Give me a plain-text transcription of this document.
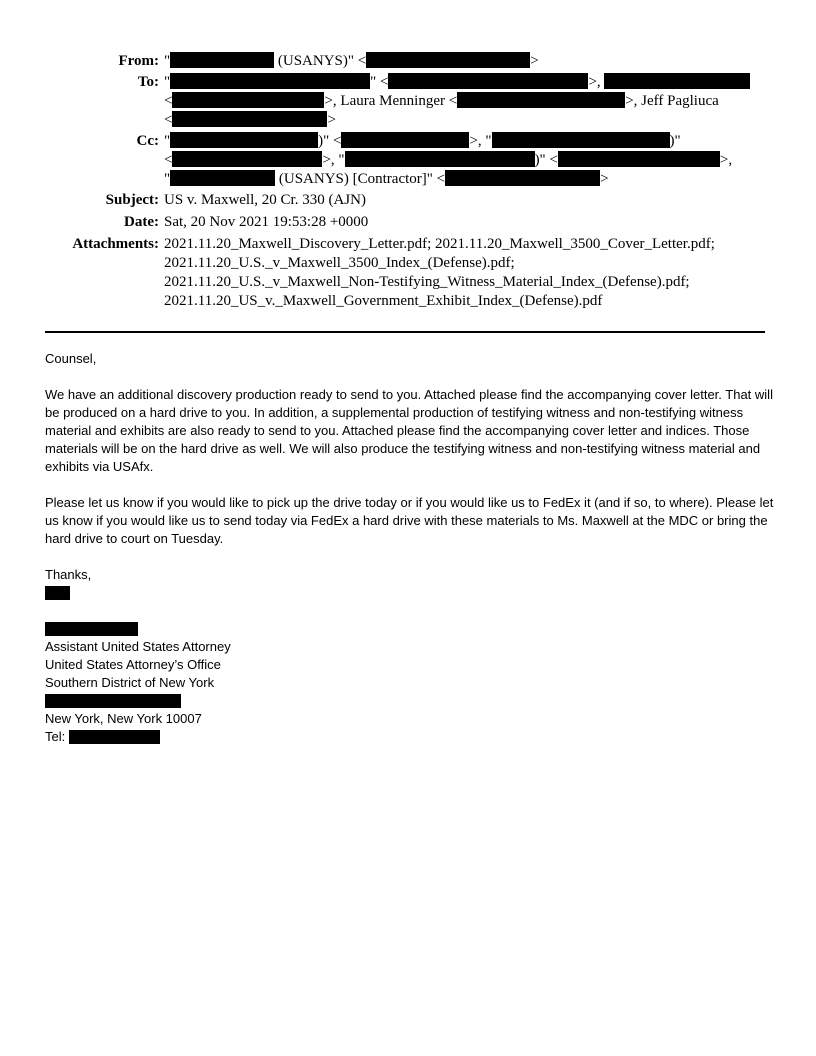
From: "	(USANYS)" <	>
To: "	" <	>,
<	>, Laura Menninger <	>, Jeff Pagliuca
<	>
Cc: "	)" <	>, "	)"
<	>, "	)" <	>,
"	(USANYS) [Contractor]" <	>
Subject: US v. Maxwell, 20 Cr. 330 (AJN)
Date: Sat, 20 Nov 2021 19:53:28 +0000
Attachments: 2021.11.20_Maxwell_Discovery_Letter.pdf; 2021.11.20_Maxwell_3500_Cover_Letter.pdf;
2021.11.20_U.S._v_Maxwell_3500_Index_(Defense).pdf;
2021.11.20_U.S._v_Maxwell_Non-Testifying_Witness_Material_Index_(Defense).pdf;
2021.11.20_US_v._Maxwell_Government_Exhibit_Index_(Defense).pdf

Counsel,

We have an additional discovery production ready to send to you. Attached please find the accompanying cover letter. That will be produced on a hard drive to you. In addition, a supplemental production of testifying witness and non-testifying witness material and exhibits are also ready to send to you. Attached please find the accompanying cover letter and indices. Those materials will be on the hard drive as well. We will also produce the testifying witness and non-testifying witness material and exhibits via USAfx.

Please let us know if you would like to pick up the drive today or if you would like us to FedEx it (and if so, to where). Please let us know if you would like us to send today via FedEx a hard drive with these materials to Ms. Maxwell at the MDC or bring the hard drive to court on Tuesday.

Thanks,

Assistant United States Attorney

United States Attorney’s Office

Southern District of New York

New York, New York 10007

Tel:
